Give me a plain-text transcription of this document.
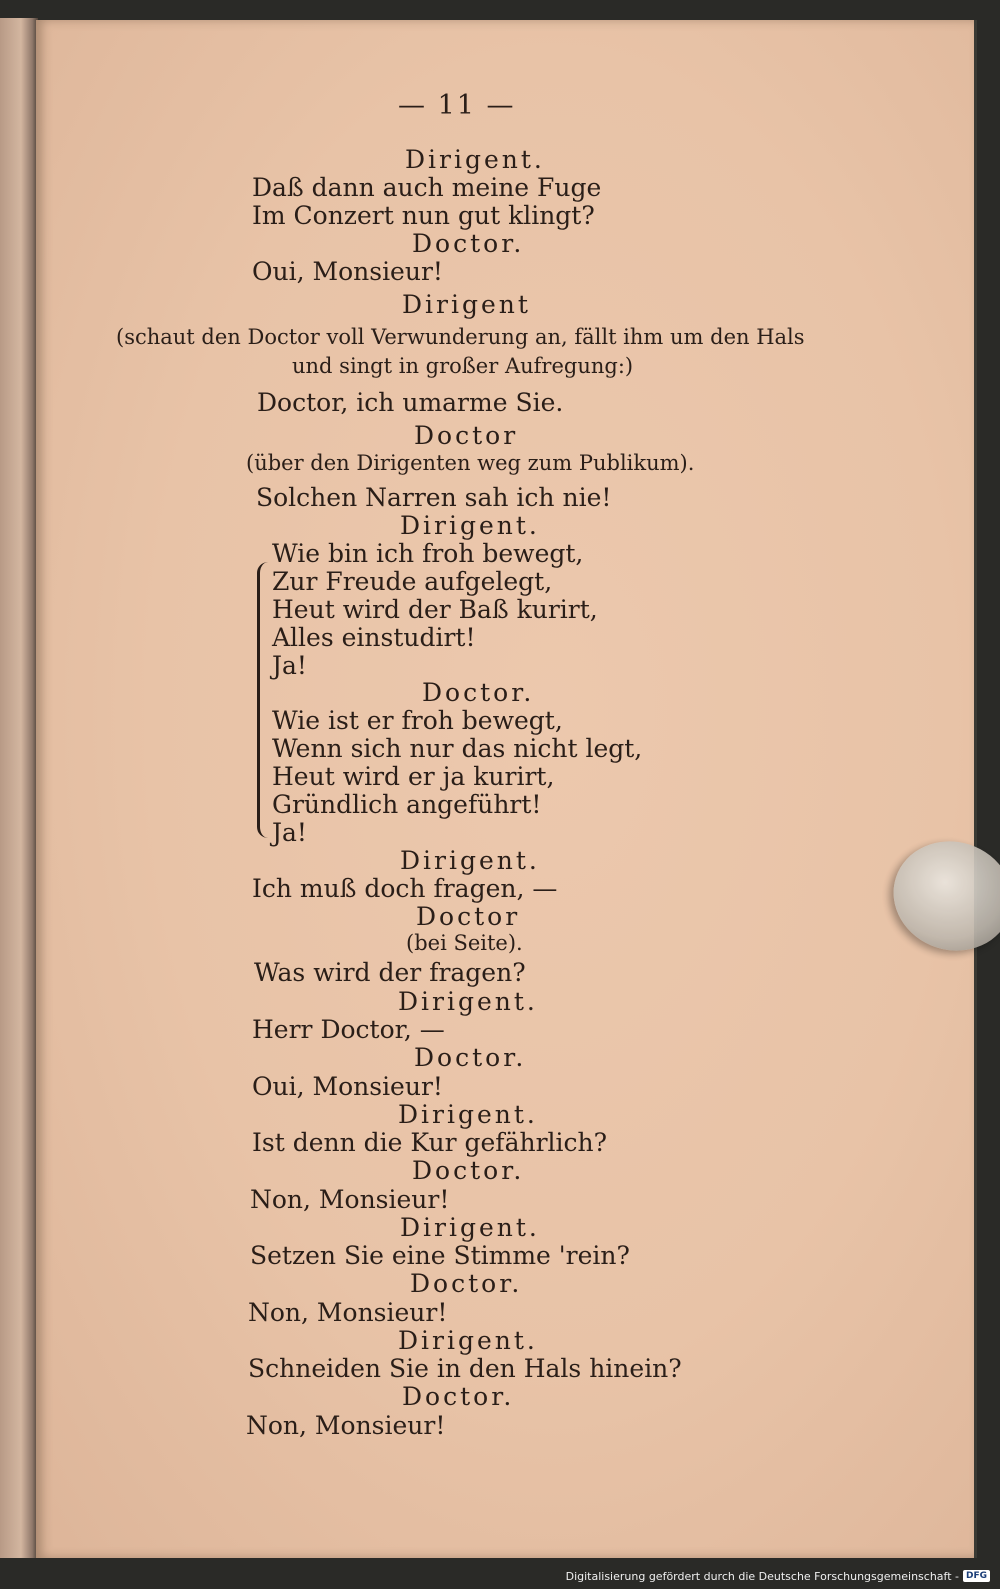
— 11 —
Dirigent.
Daß dann auch meine Fuge
Im Conzert nun gut klingt?
Doctor.
Oui, Monsieur!
Dirigent
(schaut den Doctor voll Verwunderung an, fällt ihm um den Hals
und singt in großer Aufregung:)
Doctor, ich umarme Sie.
Doctor
(über den Dirigenten weg zum Publikum).
Solchen Narren sah ich nie!
Dirigent.
Wie bin ich froh bewegt,
Zur Freude aufgelegt,
Heut wird der Baß kurirt,
Alles einstudirt!
Ja!
Doctor.
Wie ist er froh bewegt,
Wenn sich nur das nicht legt,
Heut wird er ja kurirt,
Gründlich angeführt!
Ja!
Dirigent.
Ich muß doch fragen, —
Doctor
(bei Seite).
Was wird der fragen?
Dirigent.
Herr Doctor, —
Doctor.
Oui, Monsieur!
Dirigent.
Ist denn die Kur gefährlich?
Doctor.
Non, Monsieur!
Dirigent.
Setzen Sie eine Stimme 'rein?
Doctor.
Non, Monsieur!
Dirigent.
Schneiden Sie in den Hals hinein?
Doctor.
Non, Monsieur!
Digitalisierung gefördert durch die Deutsche Forschungsgemeinschaft - DFG
